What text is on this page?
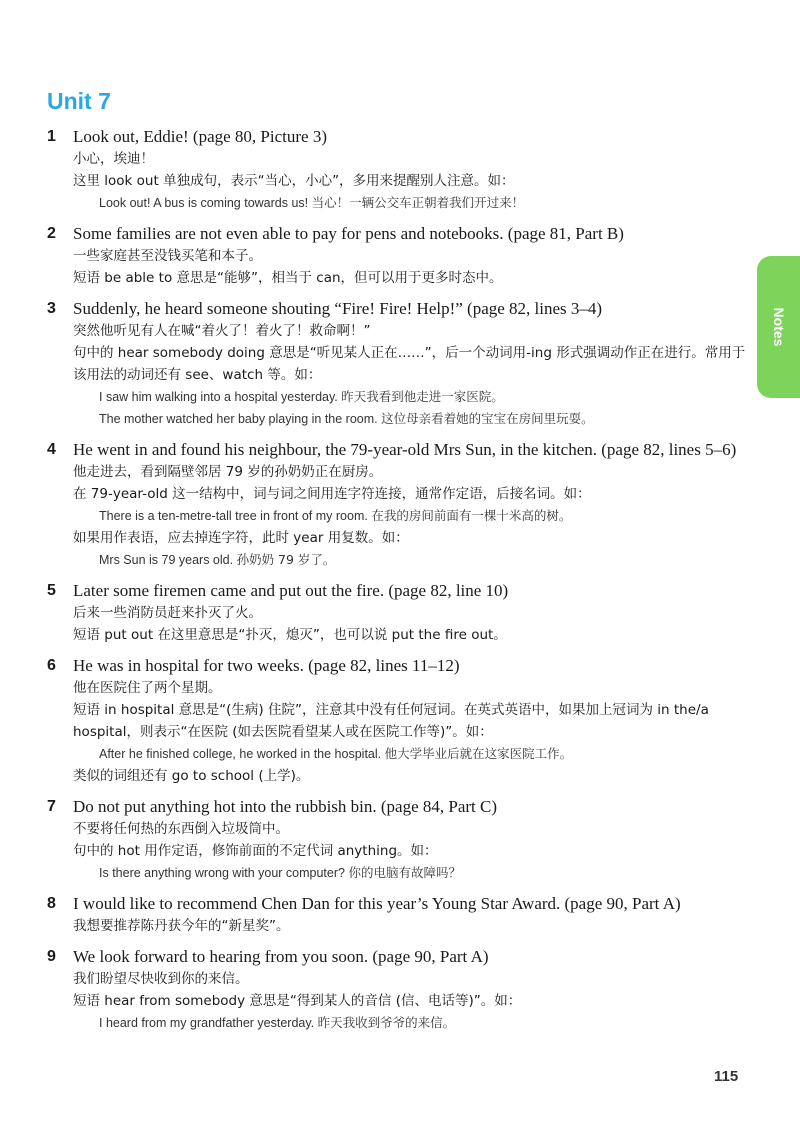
Unit 7
Notes
1 Look out, Eddie! (page 80, Picture 3)
小心，埃迪！
这里 look out 单独成句，表示“当心，小心”，多用来提醒别人注意。如：
Look out! A bus is coming towards us! 当心！一辆公交车正朝着我们开过来！
2 Some families are not even able to pay for pens and notebooks. (page 81, Part B)
一些家庭甚至没钱买笔和本子。
短语 be able to 意思是“能够”，相当于 can，但可以用于更多时态中。
3 Suddenly, he heard someone shouting “Fire! Fire! Help!” (page 82, lines 3–4)
突然他听见有人在喊“着火了！着火了！救命啊！”
句中的 hear somebody doing 意思是“听见某人正在……”，后一个动词用-ing 形式强调动作正在进行。常用于该用法的动词还有 see、watch 等。如：
I saw him walking into a hospital yesterday. 昨天我看到他走进一家医院。
The mother watched her baby playing in the room. 这位母亲看着她的宝宝在房间里玩耍。
4 He went in and found his neighbour, the 79-year-old Mrs Sun, in the kitchen. (page 82, lines 5–6)
他走进去，看到隔壁邻居 79 岁的孙奶奶正在厨房。
在 79-year-old 这一结构中，词与词之间用连字符连接，通常作定语，后接名词。如：
There is a ten-metre-tall tree in front of my room. 在我的房间前面有一棵十米高的树。
如果用作表语，应去掉连字符，此时 year 用复数。如：
Mrs Sun is 79 years old. 孙奶奶 79 岁了。
5 Later some firemen came and put out the fire. (page 82, line 10)
后来一些消防员赶来扑灭了火。
短语 put out 在这里意思是“扑灭，熄灭”，也可以说 put the fire out。
6 He was in hospital for two weeks. (page 82, lines 11–12)
他在医院住了两个星期。
短语 in hospital 意思是“(生病) 住院”，注意其中没有任何冠词。在英式英语中，如果加上冠词为 in the/a hospital，则表示“在医院 (如去医院看望某人或在医院工作等)”。如：
After he finished college, he worked in the hospital. 他大学毕业后就在这家医院工作。
类似的词组还有 go to school (上学)。
7 Do not put anything hot into the rubbish bin. (page 84, Part C)
不要将任何热的东西倒入垃圾筒中。
句中的 hot 用作定语，修饰前面的不定代词 anything。如：
Is there anything wrong with your computer? 你的电脑有故障吗？
8 I would like to recommend Chen Dan for this year’s Young Star Award. (page 90, Part A)
我想要推荐陈丹获今年的“新星奖”。
9 We look forward to hearing from you soon. (page 90, Part A)
我们盼望尽快收到你的来信。
短语 hear from somebody 意思是“得到某人的音信 (信、电话等)”。如：
I heard from my grandfather yesterday. 昨天我收到爷爷的来信。
115
